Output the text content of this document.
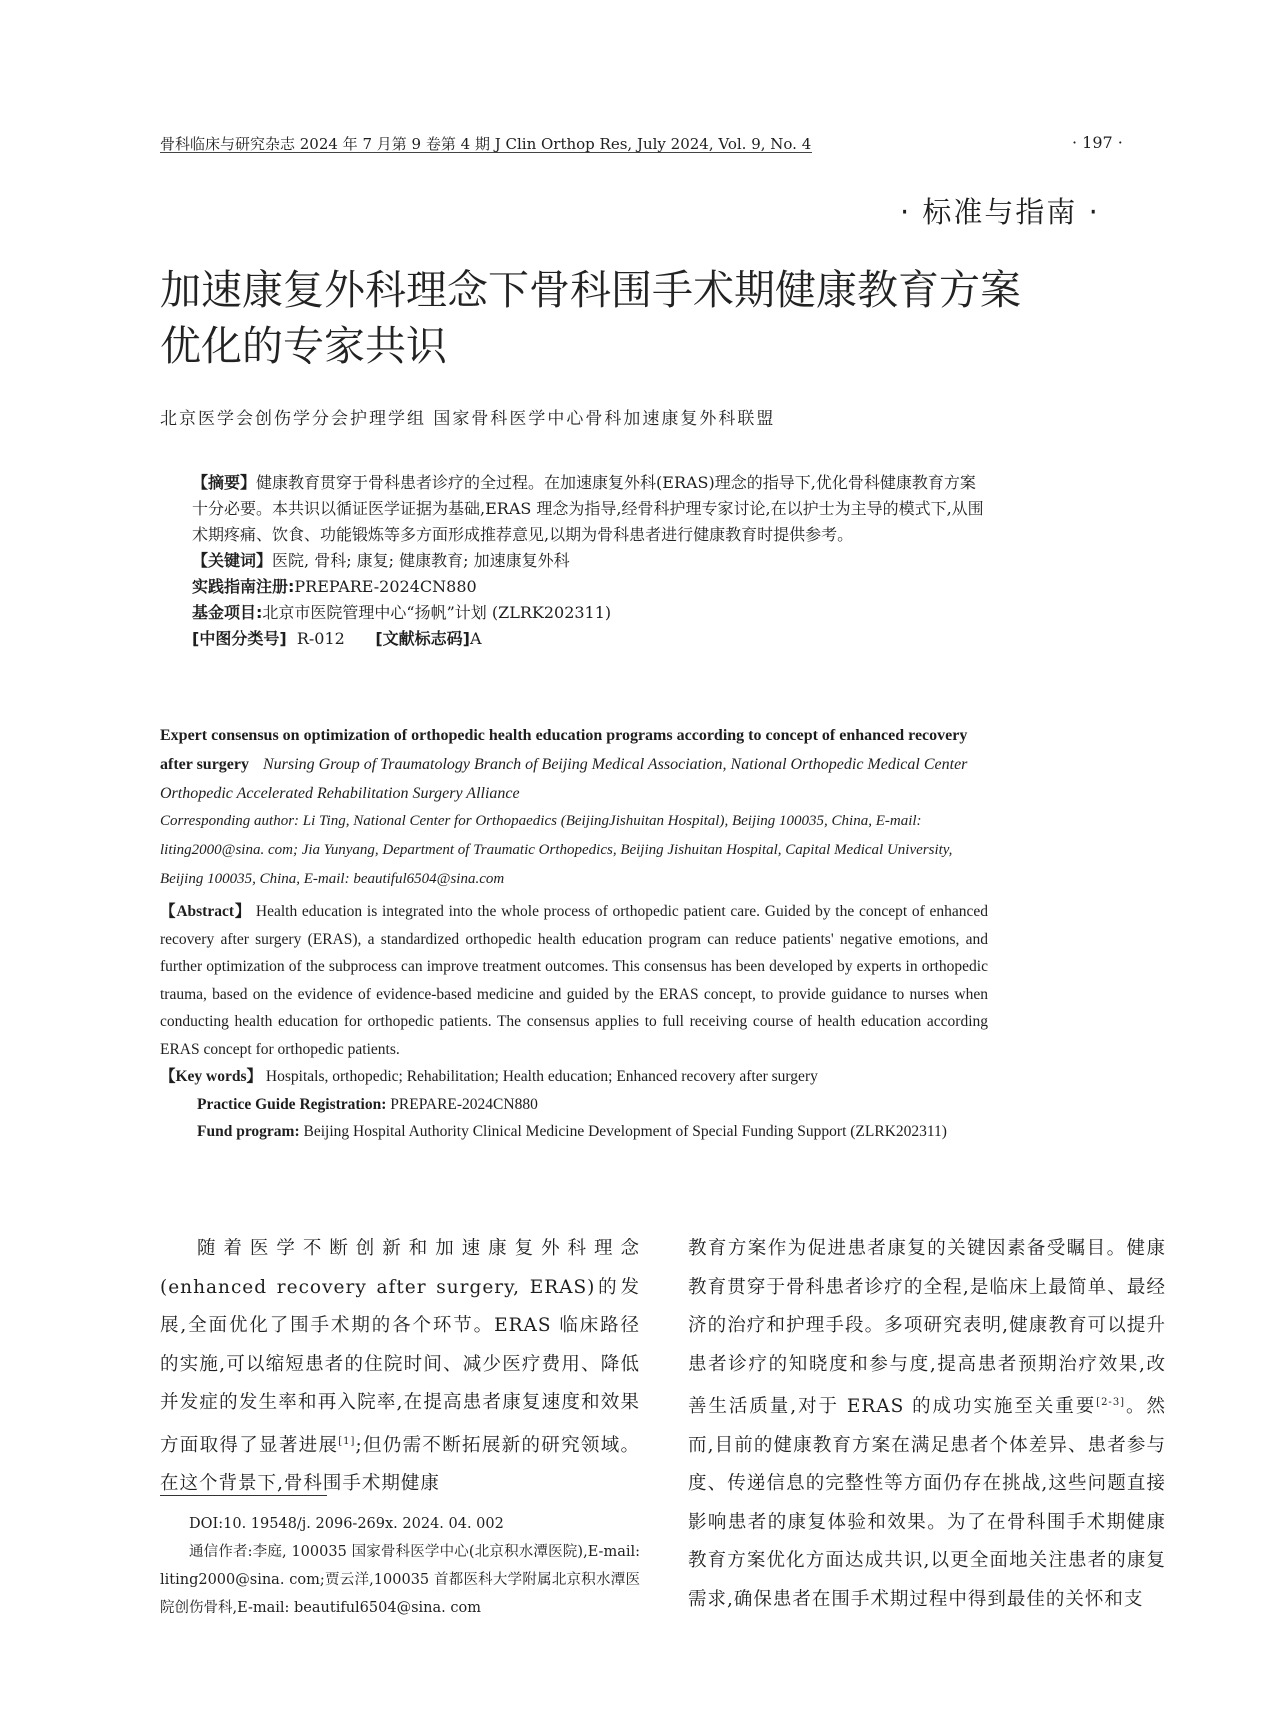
骨科临床与研究杂志 2024 年 7 月第 9 卷第 4 期 J Clin Orthop Res, July 2024, Vol. 9, No. 4	· 197 ·
· 标准与指南 ·
加速康复外科理念下骨科围手术期健康教育方案优化的专家共识
北京医学会创伤学分会护理学组 国家骨科医学中心骨科加速康复外科联盟

【摘要】健康教育贯穿于骨科患者诊疗的全过程。在加速康复外科(ERAS)理念的指导下,优化骨科健康教育方案十分必要。本共识以循证医学证据为基础,ERAS 理念为指导,经骨科护理专家讨论,在以护士为主导的模式下,从围术期疼痛、饮食、功能锻炼等多方面形成推荐意见,以期为骨科患者进行健康教育时提供参考。

【关键词】医院, 骨科; 康复; 健康教育; 加速康复外科

实践指南注册:PREPARE-2024CN880

基金项目:北京市医院管理中心“扬帆”计划 (ZLRK202311)

[中图分类号] R-012 [文献标志码]A

Expert consensus on optimization of orthopedic health education programs according to concept of enhanced recovery after surgery Nursing Group of Traumatology Branch of Beijing Medical Association, National Orthopedic Medical Center Orthopedic Accelerated Rehabilitation Surgery Alliance

Corresponding author: Li Ting, National Center for Orthopaedics (BeijingJishuitan Hospital), Beijing 100035, China, E-mail: liting2000@sina. com; Jia Yunyang, Department of Traumatic Orthopedics, Beijing Jishuitan Hospital, Capital Medical University, Beijing 100035, China, E-mail: beautiful6504@sina.com

【Abstract】 Health education is integrated into the whole process of orthopedic patient care. Guided by the concept of enhanced recovery after surgery (ERAS), a standardized orthopedic health education program can reduce patients' negative emotions, and further optimization of the subprocess can improve treatment outcomes. This consensus has been developed by experts in orthopedic trauma, based on the evidence of evidence-based medicine and guided by the ERAS concept, to provide guidance to nurses when conducting health education for orthopedic patients. The consensus applies to full receiving course of health education according ERAS concept for orthopedic patients.

【Key words】 Hospitals, orthopedic; Rehabilitation; Health education; Enhanced recovery after surgery

Practice Guide Registration: PREPARE-2024CN880

Fund program: Beijing Hospital Authority Clinical Medicine Development of Special Funding Support (ZLRK202311)

随着医学不断创新和加速康复外科理念 (enhanced recovery after surgery, ERAS)的发展,全面优化了围手术期的各个环节。ERAS 临床路径的实施,可以缩短患者的住院时间、减少医疗费用、降低并发症的发生率和再入院率,在提高患者康复速度和效果方面取得了显著进展[1];但仍需不断拓展新的研究领域。在这个背景下,骨科围手术期健康

DOI:10. 19548/j. 2096-269x. 2024. 04. 002

通信作者:李庭, 100035 国家骨科医学中心(北京积水潭医院),E-mail: liting2000@sina. com;贾云洋,100035 首都医科大学附属北京积水潭医院创伤骨科,E-mail: beautiful6504@sina. com

教育方案作为促进患者康复的关键因素备受瞩目。健康教育贯穿于骨科患者诊疗的全程,是临床上最简单、最经济的治疗和护理手段。多项研究表明,健康教育可以提升患者诊疗的知晓度和参与度,提高患者预期治疗效果,改善生活质量,对于 ERAS 的成功实施至关重要[2-3]。然而,目前的健康教育方案在满足患者个体差异、患者参与度、传递信息的完整性等方面仍存在挑战,这些问题直接影响患者的康复体验和效果。为了在骨科围手术期健康教育方案优化方面达成共识,以更全面地关注患者的康复需求,确保患者在围手术期过程中得到最佳的关怀和支
